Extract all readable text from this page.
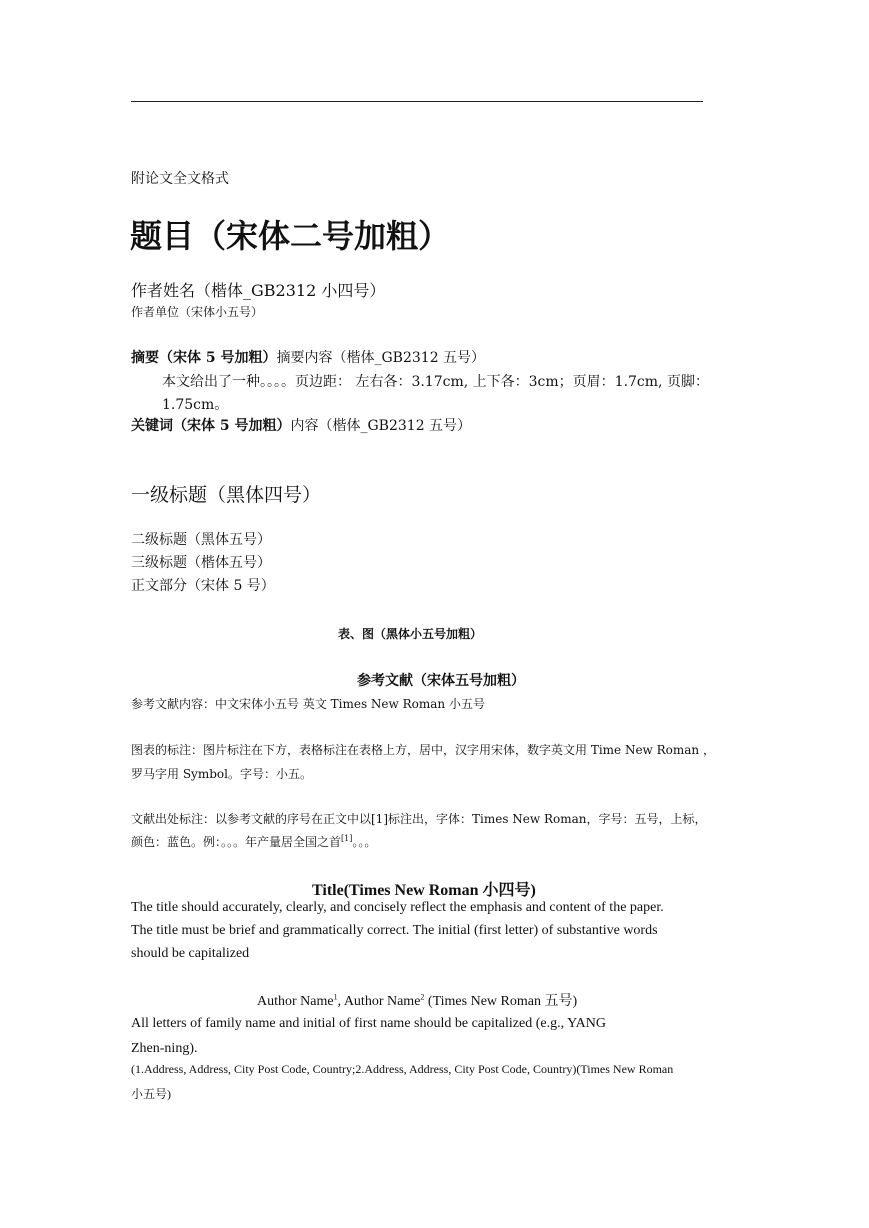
附论文全文格式
题目（宋体二号加粗）
作者姓名（楷体_GB2312 小四号）
作者单位（宋体小五号）
摘要（宋体 5 号加粗）摘要内容（楷体_GB2312 五号）
本文给出了一种。。。。页边距： 左右各：3.17cm, 上下各：3cm；页眉：1.7cm, 页脚：
1.75cm。
关键词（宋体 5 号加粗）内容（楷体_GB2312 五号）
一级标题（黑体四号）
二级标题（黑体五号）
三级标题（楷体五号）
正文部分（宋体 5 号）
表、图（黑体小五号加粗）
参考文献（宋体五号加粗）
参考文献内容：中文宋体小五号 英文 Times New Roman 小五号
图表的标注：图片标注在下方，表格标注在表格上方，居中，汉字用宋体，数字英文用 Time New Roman ，
罗马字用 Symbol。字号：小五。
文献出处标注：以参考文献的序号在正文中以[1]标注出，字体：Times New Roman，字号：五号，上标，
颜色：蓝色。例：。。。年产量居全国之首[1]。。。
Title(Times New Roman 小四号)
The title should accurately, clearly, and concisely reflect the emphasis and content of the paper.
The title must be brief and grammatically correct. The initial (first letter) of substantive words
should be capitalized
Author Name$^1$, Author Name$^2$ (Times New Roman 五号)
All letters of family name and initial of first name should be capitalized (e.g., YANG
Zhen-ning).
(1.Address, Address, City Post Code, Country;2.Address, Address, City Post Code, Country)(Times New Roman
小五号)
